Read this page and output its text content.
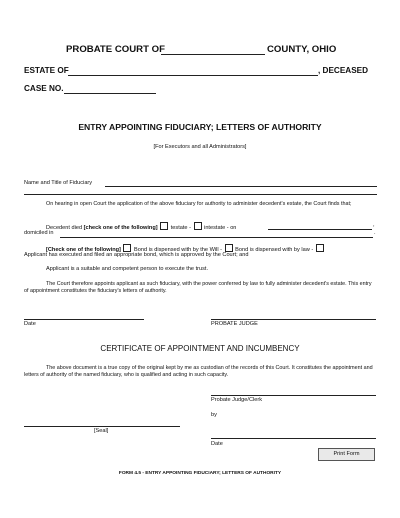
PROBATE COURT OF	COUNTY, OHIO
ESTATE OF	, DECEASED
CASE NO.
ENTRY APPOINTING FIDUCIARY; LETTERS OF AUTHORITY
[For Executors and all Administrators]
Name and Title of Fiduciary
On hearing in open Court the application of the above fiduciary for authority to administer decedent's estate, the Court finds that;
Decedent died [check one of the following] testate - intestate - on	,
domiciled in	.
[Check one of the following] Bond is dispensed with by the Will - Bond is dispensed with by law -
Applicant has executed and filed an appropriate bond, which is approved by the Court; and
Applicant is a suitable and competent person to execute the trust.
The Court therefore appoints applicant as such fiduciary, with the power conferred by law to fully administer decedent's estate. This entry of appointment constitutes the fiduciary's letters of authority.
Date	PROBATE JUDGE
CERTIFICATE OF APPOINTMENT AND INCUMBENCY
The above document is a true copy of the original kept by me as custodian of the records of this Court. It constitutes the appointment and letters of authority of the named fiduciary, who is qualified and acting in such capacity.
Probate Judge/Clerk
by
[Seal]
Date
Print Form
FORM 4.5 - ENTRY APPOINTING FIDUCIARY; LETTERS OF AUTHORITY
